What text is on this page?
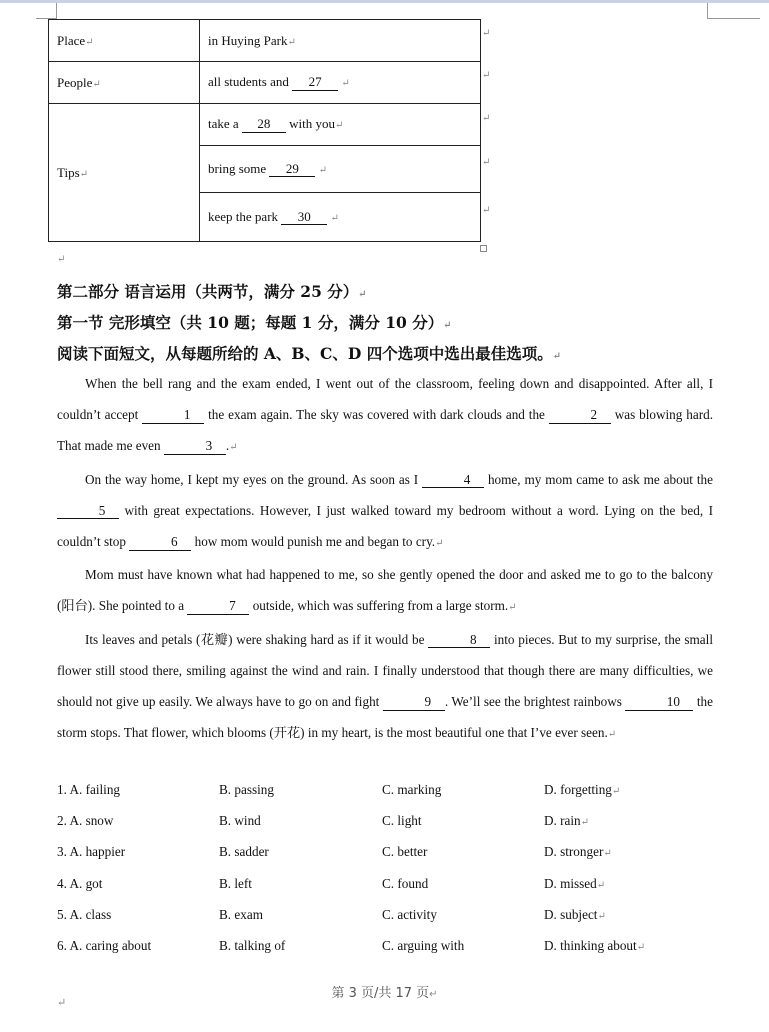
Place↵	in Huying Park↵
People↵	all students and 27 ↵
Tips↵	take a 28 with you↵
	bring some 29 ↵
	keep the park 30 ↵
↵
↵
↵
↵
↵
↵
第二部分 语言运用（共两节，满分 25 分）↵
第一节 完形填空（共 10 题；每题 1 分，满分 10 分）↵
阅读下面短文，从每题所给的 A、B、C、D 四个选项中选出最佳选项。↵

When the bell rang and the exam ended, I went out of the classroom, feeling down and disappointed. After all, I couldn’t accept	1 the exam again. The sky was covered with dark clouds and the	2 was blowing hard. That made me even	3 .↵

On the way home, I kept my eyes on the ground. As soon as I	4 home, my mom came to ask me about the 5 with great expectations. However, I just walked toward my bedroom without a word. Lying on the bed, I couldn’t stop	6 how mom would punish me and began to cry.↵

Mom must have known what had happened to me, so she gently opened the door and asked me to go to the balcony (阳台). She pointed to a	7 outside, which was suffering from a large storm.↵

Its leaves and petals (花瓣) were shaking hard as if it would be	8 into pieces. But to my surprise, the small flower still stood there, smiling against the wind and rain. I finally understood that though there are many difficulties, we should not give up easily. We always have to go on and fight	9 . We’ll see the brightest rainbows	10 the storm stops. That flower, which blooms (开花) in my heart, is the most beautiful one that I’ve ever seen.↵

1. A. failing	B. passing	C. marking	D. forgetting↵
2. A. snow	B. wind	C. light	D. rain↵
3. A. happier	B. sadder	C. better	D. stronger↵
4. A. got	B. left	C. found	D. missed↵
5. A. class	B. exam	C. activity	D. subject↵
6. A. caring about	B. talking of	C. arguing with	D. thinking about↵
第 3 页/共 17 页↵
↵
